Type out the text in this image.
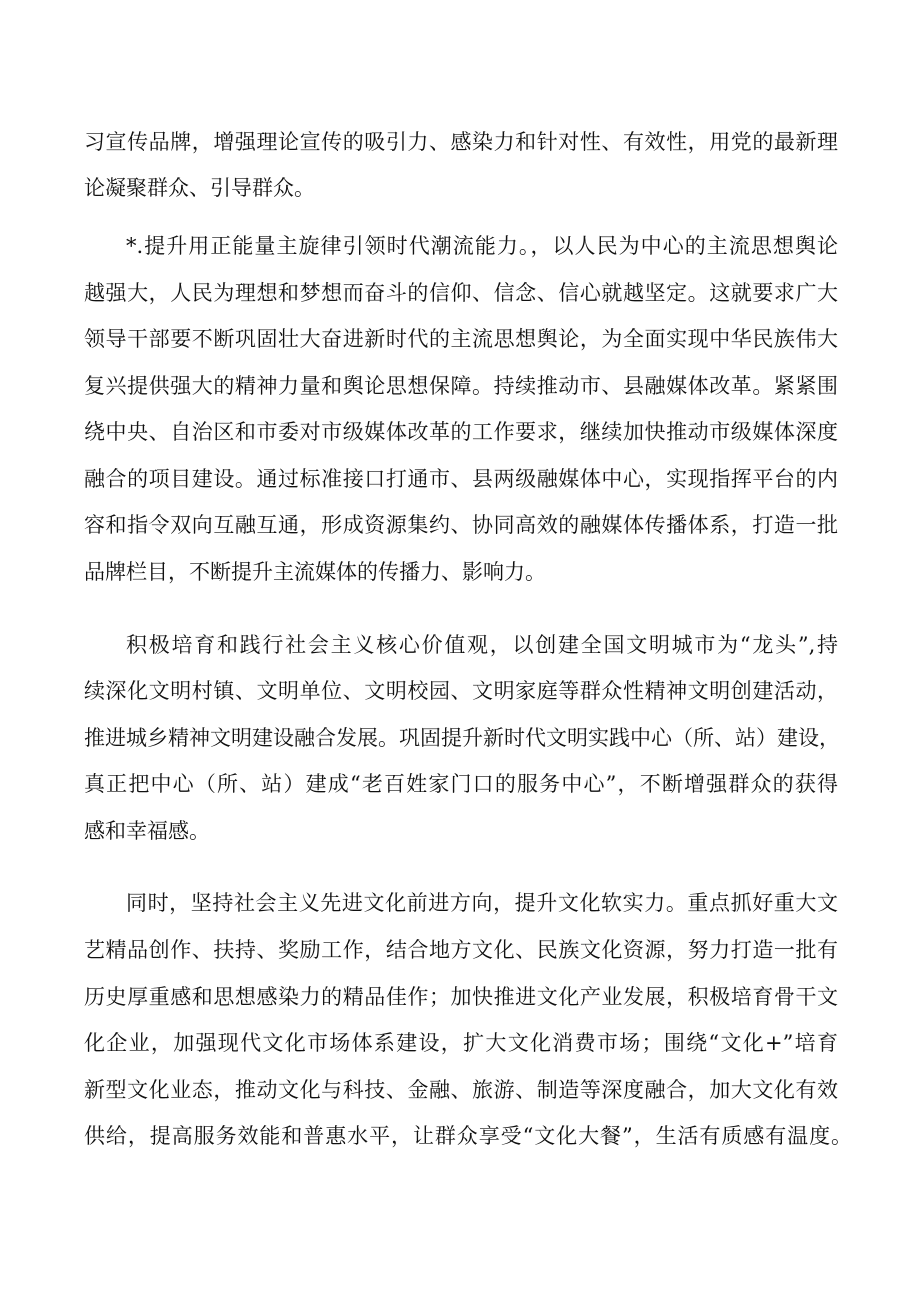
习宣传品牌，增强理论宣传的吸引力、感染力和针对性、有效性，用党的最新理
论凝聚群众、引导群众。
*.提升用正能量主旋律引领时代潮流能力。，以人民为中心的主流思想舆论
越强大，人民为理想和梦想而奋斗的信仰、信念、信心就越坚定。这就要求广大
领导干部要不断巩固壮大奋进新时代的主流思想舆论，为全面实现中华民族伟大
复兴提供强大的精神力量和舆论思想保障。持续推动市、县融媒体改革。紧紧围
绕中央、自治区和市委对市级媒体改革的工作要求，继续加快推动市级媒体深度
融合的项目建设。通过标准接口打通市、县两级融媒体中心，实现指挥平台的内
容和指令双向互融互通，形成资源集约、协同高效的融媒体传播体系，打造一批
品牌栏目，不断提升主流媒体的传播力、影响力。
积极培育和践行社会主义核心价值观，以创建全国文明城市为“龙头”,持
续深化文明村镇、文明单位、文明校园、文明家庭等群众性精神文明创建活动，
推进城乡精神文明建设融合发展。巩固提升新时代文明实践中心（所、站）建设，
真正把中心（所、站）建成“老百姓家门口的服务中心”，不断增强群众的获得
感和幸福感。
同时，坚持社会主义先进文化前进方向，提升文化软实力。重点抓好重大文
艺精品创作、扶持、奖励工作，结合地方文化、民族文化资源，努力打造一批有
历史厚重感和思想感染力的精品佳作；加快推进文化产业发展，积极培育骨干文
化企业，加强现代文化市场体系建设，扩大文化消费市场；围绕“文化+”培育
新型文化业态，推动文化与科技、金融、旅游、制造等深度融合，加大文化有效
供给，提高服务效能和普惠水平，让群众享受“文化大餐”，生活有质感有温度。
